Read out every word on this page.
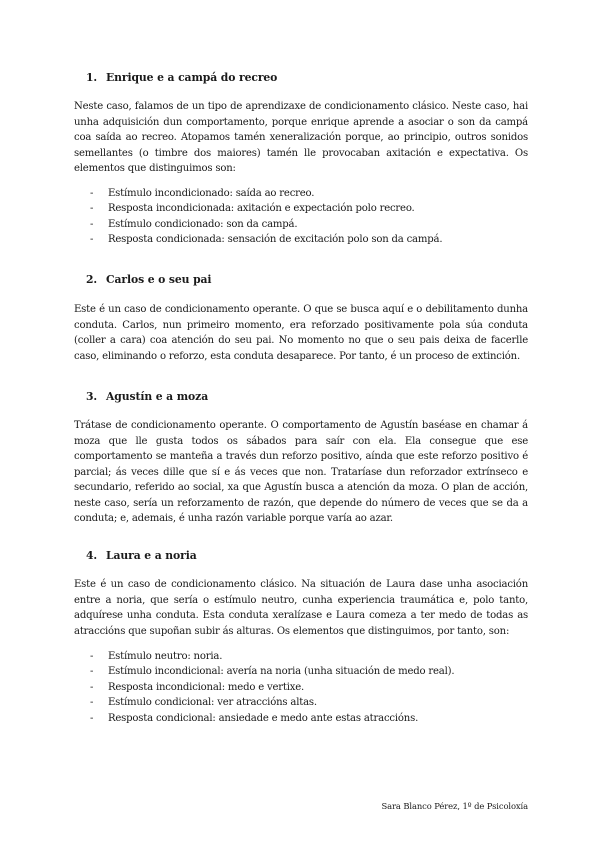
1. Enrique e a campá do recreo

Neste caso, falamos de un tipo de aprendizaxe de condicionamento clásico. Neste caso, hai unha adquisición dun comportamento, porque enrique aprende a asociar o son da campá coa saída ao recreo. Atopamos tamén xeneralización porque, ao principio, outros sonidos semellantes (o timbre dos maiores) tamén lle provocaban axitación e expectativa. Os elementos que distinguimos son:

- Estímulo incondicionado: saída ao recreo.
- Resposta incondicionada: axitación e expectación polo recreo.
- Estímulo condicionado: son da campá.
- Resposta condicionada: sensación de excitación polo son da campá.
2. Carlos e o seu pai

Este é un caso de condicionamento operante. O que se busca aquí e o debilitamento dunha conduta. Carlos, nun primeiro momento, era reforzado positivamente pola súa conduta (coller a cara) coa atención do seu pai. No momento no que o seu pais deixa de facerlle caso, eliminando o reforzo, esta conduta desaparece. Por tanto, é un proceso de extinción.

3. Agustín e a moza

Trátase de condicionamento operante. O comportamento de Agustín baséase en chamar á moza que lle gusta todos os sábados para saír con ela. Ela consegue que ese comportamento se manteña a través dun reforzo positivo, aínda que este reforzo positivo é parcial; ás veces dille que sí e ás veces que non. Trataríase dun reforzador extrínseco e secundario, referido ao social, xa que Agustín busca a atención da moza. O plan de acción, neste caso, sería un reforzamento de razón, que depende do número de veces que se da a conduta; e, ademais, é unha razón variable porque varía ao azar.

4. Laura e a noria

Este é un caso de condicionamento clásico. Na situación de Laura dase unha asociación entre a noria, que sería o estímulo neutro, cunha experiencia traumática e, polo tanto, adquírese unha conduta. Esta conduta xeralízase e Laura comeza a ter medo de todas as atraccións que supoñan subir ás alturas. Os elementos que distinguimos, por tanto, son:

- Estímulo neutro: noria.
- Estímulo incondicional: avería na noria (unha situación de medo real).
- Resposta incondicional: medo e vertixe.
- Estímulo condicional: ver atraccións altas.
- Resposta condicional: ansiedade e medo ante estas atraccións.
Sara Blanco Pérez, 1º de Psicoloxía
